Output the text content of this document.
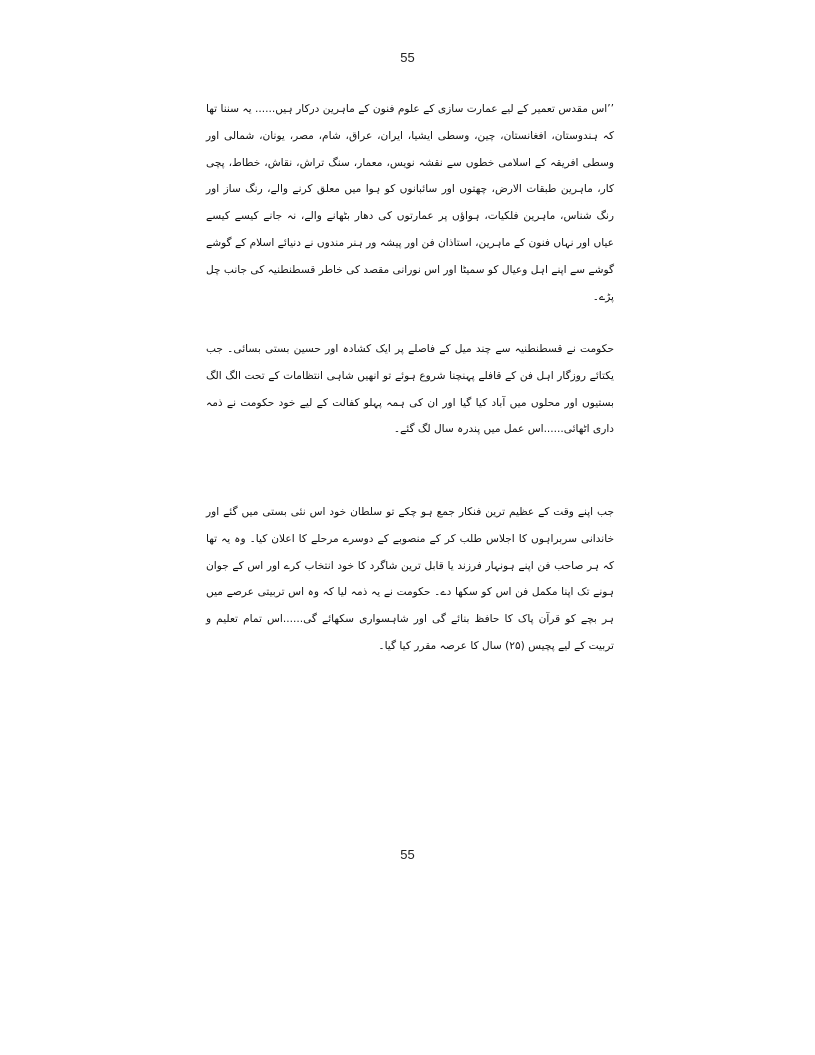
55

’’اس مقدس تعمیر کے لیے عمارت سازی کے علوم فنون کے ماہرین درکار ہیں...... یہ سننا تھا کہ ہندوستان، افغانستان، چین، وسطی ایشیا، ایران، عراق، شام، مصر، یونان، شمالی اور وسطی افریقہ کے اسلامی خطوں سے نقشہ نویس، معمار، سنگ تراش، نقاش، خطاط، پچی کار، ماہرین طبقات الارض، چھتوں اور سائبانوں کو ہوا میں معلق کرنے والے، رنگ ساز اور رنگ شناس، ماہرین فلکیات، ہواؤں پر عمارتوں کی دھار بٹھانے والے، نہ جانے کیسے کیسے عیاں اور نہاں فنون کے ماہرین، استاذان فن اور پیشہ ور ہنر مندوں نے دنیائے اسلام کے گوشے گوشے سے اپنے اہل وعیال کو سمیٹا اور اس نورانی مقصد کی خاطر قسطنطنیہ کی جانب چل پڑے۔

حکومت نے قسطنطنیہ سے چند میل کے فاصلے پر ایک کشادہ اور حسین بستی بسائی۔ جب یکتائے روزگار اہل فن کے قافلے پہنچنا شروع ہوئے تو انھیں شاہی انتظامات کے تحت الگ الگ بستیوں اور محلوں میں آباد کیا گیا اور ان کی ہمہ پہلو کفالت کے لیے خود حکومت نے ذمہ داری اٹھائی......اس عمل میں پندرہ سال لگ گئے۔

جب اپنے وقت کے عظیم ترین فنکار جمع ہو چکے تو سلطان خود اس نئی بستی میں گئے اور خاندانی سربراہوں کا اجلاس طلب کر کے منصوبے کے دوسرے مرحلے کا اعلان کیا۔ وہ یہ تھا کہ ہر صاحب فن اپنے ہونہار فرزند یا قابل ترین شاگرد کا خود انتخاب کرے اور اس کے جوان ہونے تک اپنا مکمل فن اس کو سکھا دے۔ حکومت نے یہ ذمہ لیا کہ وہ اس تربیتی عرصے میں ہر بچے کو قرآن پاک کا حافظ بنائے گی اور شاہسواری سکھائے گی......اس تمام تعلیم و تربیت کے لیے پچیس (۲۵) سال کا عرصہ مقرر کیا گیا۔

55
